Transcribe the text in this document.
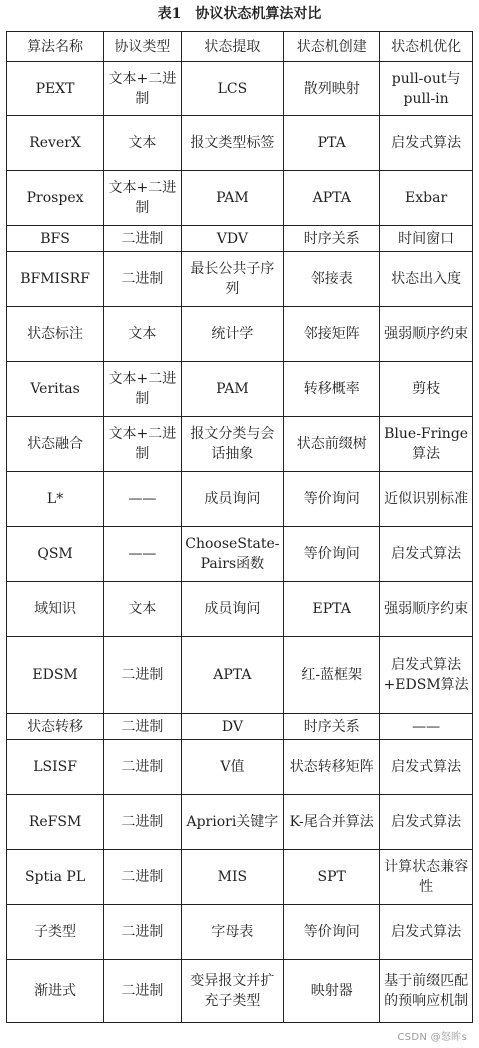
表1　协议状态机算法对比
算法名称	协议类型	状态提取	状态机创建	状态机优化
PEXT	文本+二进制	LCS	散列映射	pull-out与pull-in
ReverX	文本	报文类型标签	PTA	启发式算法
Prospex	文本+二进制	PAM	APTA	Exbar
BFS	二进制	VDV	时序关系	时间窗口
BFMISRF	二进制	最长公共子序列	邻接表	状态出入度
状态标注	文本	统计学	邻接矩阵	强弱顺序约束
Veritas	文本+二进制	PAM	转移概率	剪枝
状态融合	文本+二进制	报文分类与会话抽象	状态前缀树	Blue-Fringe算法
L*	——	成员询问	等价询问	近似识别标准
QSM	——	ChooseState-Pairs函数	等价询问	启发式算法
域知识	文本	成员询问	EPTA	强弱顺序约束
EDSM	二进制	APTA	红-蓝框架	启发式算法+EDSM算法
状态转移	二进制	DV	时序关系	——
LSISF	二进制	V值	状态转移矩阵	启发式算法
ReFSM	二进制	Apriori关键字	K-尾合并算法	启发式算法
Sptia PL	二进制	MIS	SPT	计算状态兼容性
子类型	二进制	字母表	等价询问	启发式算法
渐进式	二进制	变异报文并扩充子类型	映射器	基于前缀匹配的预响应机制
CSDN @怒眸s
